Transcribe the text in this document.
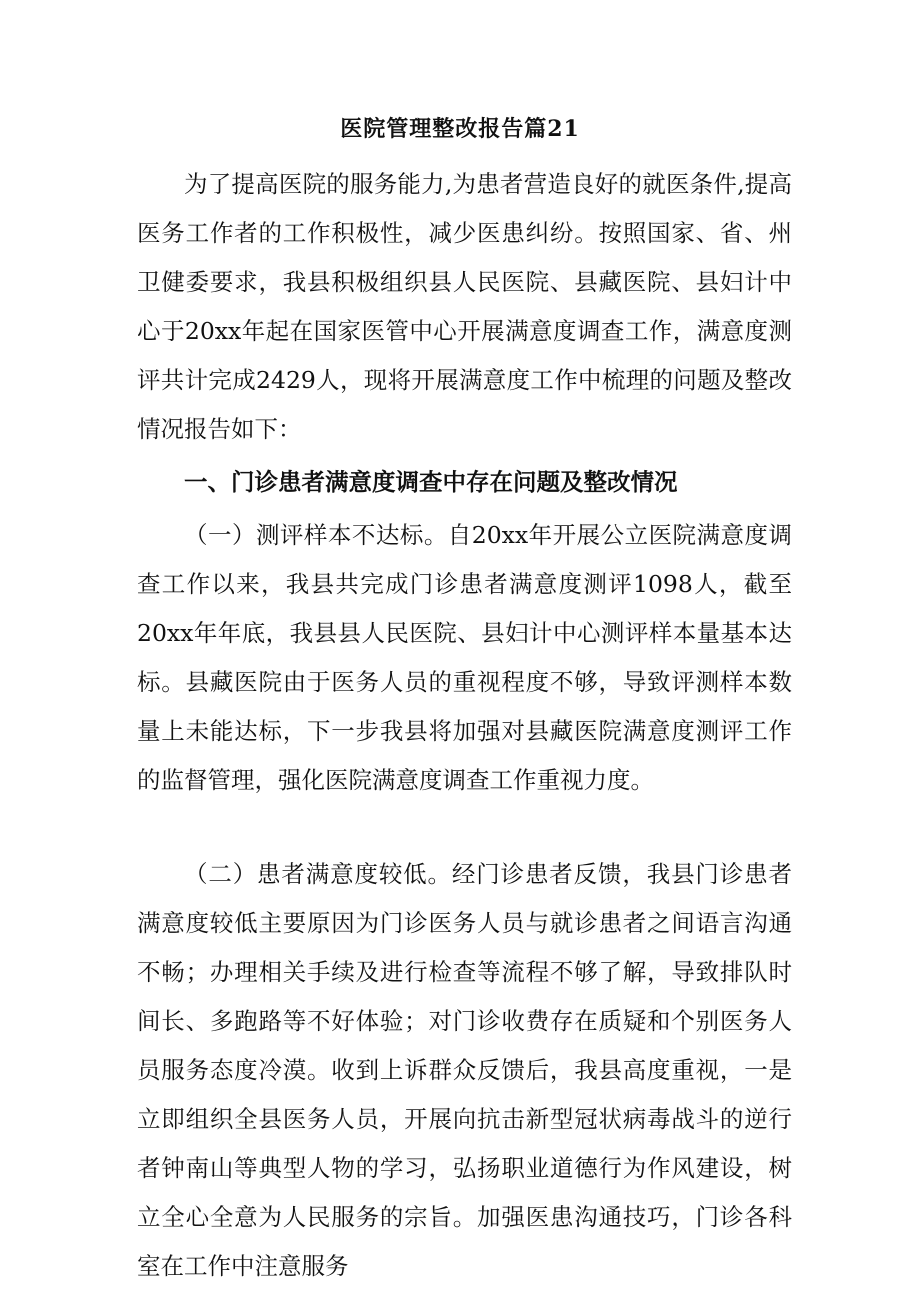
医院管理整改报告篇21

为了提高医院的服务能力,为患者营造良好的就医条件,提高医务工作者的工作积极性，减少医患纠纷。按照国家、省、州卫健委要求，我县积极组织县人民医院、县藏医院、县妇计中心于20xx年起在国家医管中心开展满意度调查工作，满意度测评共计完成2429人，现将开展满意度工作中梳理的问题及整改情况报告如下：

一、门诊患者满意度调查中存在问题及整改情况

（一）测评样本不达标。自20xx年开展公立医院满意度调查工作以来，我县共完成门诊患者满意度测评1098人，截至20xx年年底，我县县人民医院、县妇计中心测评样本量基本达标。县藏医院由于医务人员的重视程度不够，导致评测样本数量上未能达标，下一步我县将加强对县藏医院满意度测评工作的监督管理，强化医院满意度调查工作重视力度。

（二）患者满意度较低。经门诊患者反馈，我县门诊患者满意度较低主要原因为门诊医务人员与就诊患者之间语言沟通不畅；办理相关手续及进行检查等流程不够了解，导致排队时间长、多跑路等不好体验；对门诊收费存在质疑和个别医务人员服务态度冷漠。收到上诉群众反馈后，我县高度重视，一是立即组织全县医务人员，开展向抗击新型冠状病毒战斗的逆行者钟南山等典型人物的学习，弘扬职业道德行为作风建设，树立全心全意为人民服务的宗旨。加强医患沟通技巧，门诊各科室在工作中注意服务
